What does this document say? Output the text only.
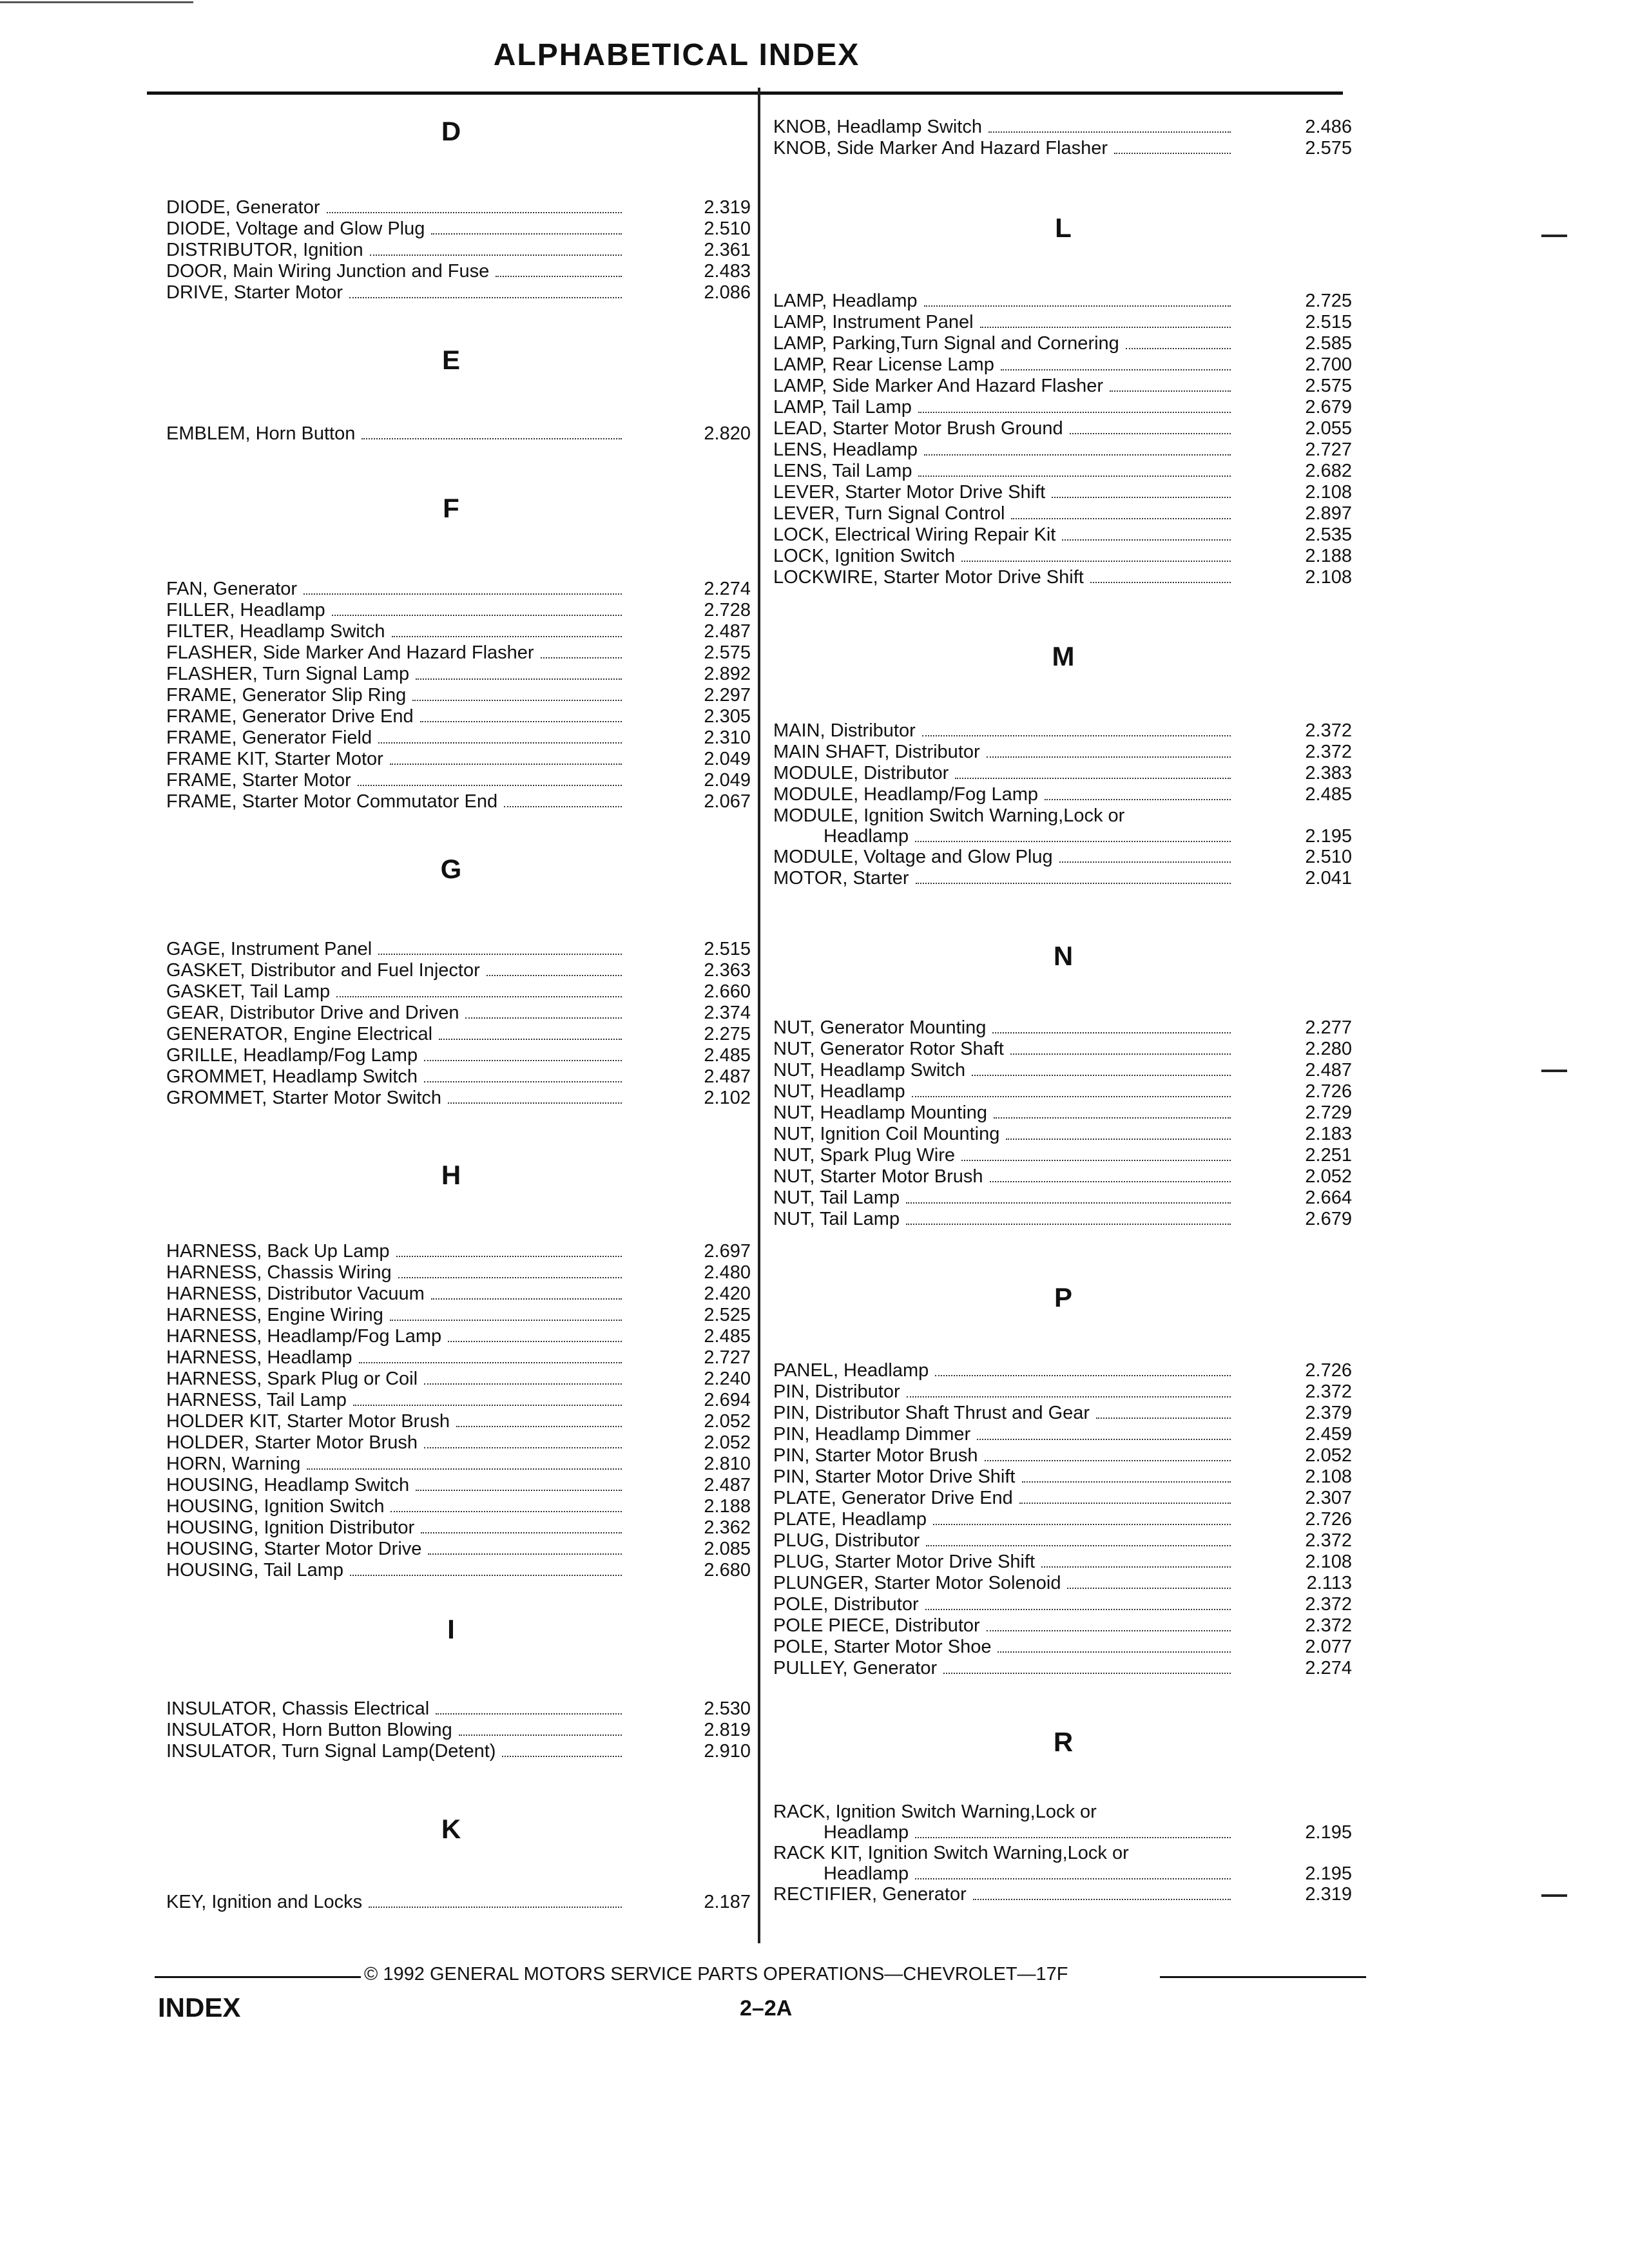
ALPHABETICAL INDEX
D
DIODE, Generator	2.319
DIODE, Voltage and Glow Plug	2.510
DISTRIBUTOR, Ignition	2.361
DOOR, Main Wiring Junction and Fuse	2.483
DRIVE, Starter Motor	2.086
E
EMBLEM, Horn Button	2.820
F
FAN, Generator	2.274
FILLER, Headlamp	2.728
FILTER, Headlamp Switch	2.487
FLASHER, Side Marker And Hazard Flasher	2.575
FLASHER, Turn Signal Lamp	2.892
FRAME, Generator Slip Ring	2.297
FRAME, Generator Drive End	2.305
FRAME, Generator Field	2.310
FRAME KIT, Starter Motor	2.049
FRAME, Starter Motor	2.049
FRAME, Starter Motor Commutator End	2.067
G
GAGE, Instrument Panel	2.515
GASKET, Distributor and Fuel Injector	2.363
GASKET, Tail Lamp	2.660
GEAR, Distributor Drive and Driven	2.374
GENERATOR, Engine Electrical	2.275
GRILLE, Headlamp/Fog Lamp	2.485
GROMMET, Headlamp Switch	2.487
GROMMET, Starter Motor Switch	2.102
H
HARNESS, Back Up Lamp	2.697
HARNESS, Chassis Wiring	2.480
HARNESS, Distributor Vacuum	2.420
HARNESS, Engine Wiring	2.525
HARNESS, Headlamp/Fog Lamp	2.485
HARNESS, Headlamp	2.727
HARNESS, Spark Plug or Coil	2.240
HARNESS, Tail Lamp	2.694
HOLDER KIT, Starter Motor Brush	2.052
HOLDER, Starter Motor Brush	2.052
HORN, Warning	2.810
HOUSING, Headlamp Switch	2.487
HOUSING, Ignition Switch	2.188
HOUSING, Ignition Distributor	2.362
HOUSING, Starter Motor Drive	2.085
HOUSING, Tail Lamp	2.680
I
INSULATOR, Chassis Electrical	2.530
INSULATOR, Horn Button Blowing	2.819
INSULATOR, Turn Signal Lamp(Detent)	2.910
K
KEY, Ignition and Locks	2.187
KNOB, Headlamp Switch	2.486
KNOB, Side Marker And Hazard Flasher	2.575
L
LAMP, Headlamp	2.725
LAMP, Instrument Panel	2.515
LAMP, Parking,Turn Signal and Cornering	2.585
LAMP, Rear License Lamp	2.700
LAMP, Side Marker And Hazard Flasher	2.575
LAMP, Tail Lamp	2.679
LEAD, Starter Motor Brush Ground	2.055
LENS, Headlamp	2.727
LENS, Tail Lamp	2.682
LEVER, Starter Motor Drive Shift	2.108
LEVER, Turn Signal Control	2.897
LOCK, Electrical Wiring Repair Kit	2.535
LOCK, Ignition Switch	2.188
LOCKWIRE, Starter Motor Drive Shift	2.108
M
MAIN, Distributor	2.372
MAIN SHAFT, Distributor	2.372
MODULE, Distributor	2.383
MODULE, Headlamp/Fog Lamp	2.485
MODULE, Ignition Switch Warning,Lock or
Headlamp	2.195
MODULE, Voltage and Glow Plug	2.510
MOTOR, Starter	2.041
N
NUT, Generator Mounting	2.277
NUT, Generator Rotor Shaft	2.280
NUT, Headlamp Switch	2.487
NUT, Headlamp	2.726
NUT, Headlamp Mounting	2.729
NUT, Ignition Coil Mounting	2.183
NUT, Spark Plug Wire	2.251
NUT, Starter Motor Brush	2.052
NUT, Tail Lamp	2.664
NUT, Tail Lamp	2.679
P
PANEL, Headlamp	2.726
PIN, Distributor	2.372
PIN, Distributor Shaft Thrust and Gear	2.379
PIN, Headlamp Dimmer	2.459
PIN, Starter Motor Brush	2.052
PIN, Starter Motor Drive Shift	2.108
PLATE, Generator Drive End	2.307
PLATE, Headlamp	2.726
PLUG, Distributor	2.372
PLUG, Starter Motor Drive Shift	2.108
PLUNGER, Starter Motor Solenoid	2.113
POLE, Distributor	2.372
POLE PIECE, Distributor	2.372
POLE, Starter Motor Shoe	2.077
PULLEY, Generator	2.274
R
RACK, Ignition Switch Warning,Lock or
Headlamp	2.195
RACK KIT, Ignition Switch Warning,Lock or
Headlamp	2.195
RECTIFIER, Generator	2.319
© 1992 GENERAL MOTORS SERVICE PARTS OPERATIONS—CHEVROLET—17F
INDEX	2–2A
